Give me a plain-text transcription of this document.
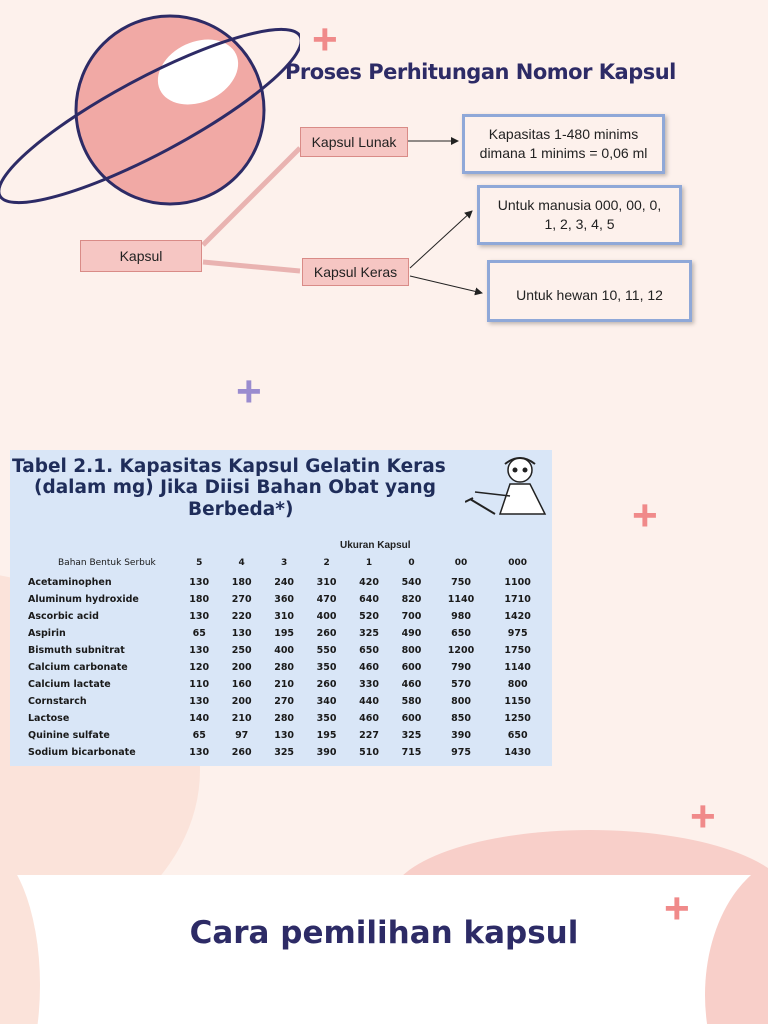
+
+
Proses Perhitungan Nomor Kapsul
Kapsul
Kapsul Lunak
Kapsul Keras
Kapasitas 1-480 minims
dimana 1 minims = 0,06 ml
Untuk manusia 000, 00, 0,
1, 2, 3, 4, 5
Untuk hewan 10, 11, 12
Tabel 2.1. Kapasitas Kapsul Gelatin Keras
(dalam mg) Jika Diisi Bahan Obat yang
Berbeda*)
Ukuran Kapsul
Bahan Bentuk Serbuk	5	4	3	2	1	0	00	000
Acetaminophen	130	180	240	310	420	540	750	1100
Aluminum hydroxide	180	270	360	470	640	820	1140	1710
Ascorbic acid	130	220	310	400	520	700	980	1420
Aspirin	65	130	195	260	325	490	650	975
Bismuth subnitrat	130	250	400	550	650	800	1200	1750
Calcium carbonate	120	200	280	350	460	600	790	1140
Calcium lactate	110	160	210	260	330	460	570	800
Cornstarch	130	200	270	340	440	580	800	1150
Lactose	140	210	280	350	460	600	850	1250
Quinine sulfate	65	97	130	195	227	325	390	650
Sodium bicarbonate	130	260	325	390	510	715	975	1430
+
+
+
Cara pemilihan kapsul
